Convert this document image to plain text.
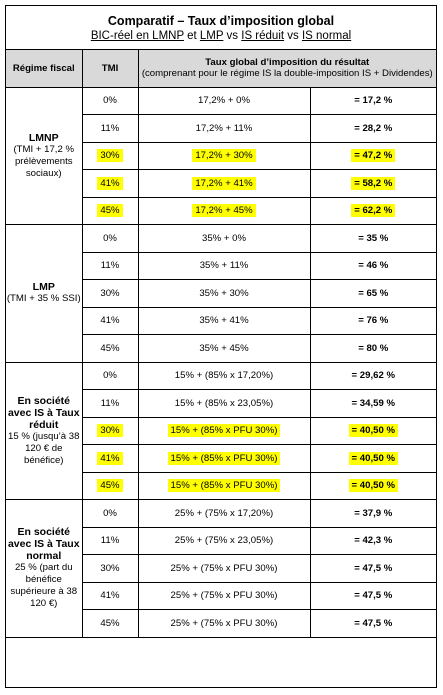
Comparatif – Taux d’imposition global
BIC-réel en LMNP et LMP vs IS réduit vs IS normal
Régime fiscal	TMI	Taux global d’imposition du résultat
(comprenant pour le régime IS la double-imposition IS + Dividendes)	

LMNP
(TMI + 17,2 % prélèvements sociaux)	0%	17,2% + 0%	= 17,2 %
	11%	17,2% + 11%	= 28,2 %
	30%	17,2% + 30%	= 47,2 %
	41%	17,2% + 41%	= 58,2 %
	45%	17,2% + 45%	= 62,2 %

LMP
(TMI + 35 % SSI)	0%	35% + 0%	= 35 %
	11%	35% + 11%	= 46 %
	30%	35% + 30%	= 65 %
	41%	35% + 41%	= 76 %
	45%	35% + 45%	= 80 %

En société avec IS à Taux réduit
15 % (jusqu’à 38 120 € de bénéfice)	0%	15% + (85% x 17,20%)	= 29,62 %
	11%	15% + (85% x 23,05%)	= 34,59 %
	30%	15% + (85% x PFU 30%)	= 40,50 %
	41%	15% + (85% x PFU 30%)	= 40,50 %
	45%	15% + (85% x PFU 30%)	= 40,50 %

En société avec IS à Taux normal
25 % (part du bénéfice supérieure à 38 120 €)	0%	25% + (75% x 17,20%)	= 37,9 %
	11%	25% + (75% x 23,05%)	= 42,3 %
	30%	25% + (75% x PFU 30%)	= 47,5 %
	41%	25% + (75% x PFU 30%)	= 47,5 %
	45%	25% + (75% x PFU 30%)	= 47,5 %
